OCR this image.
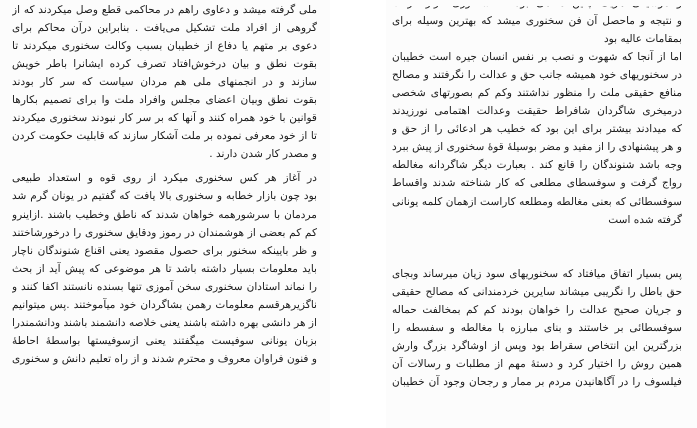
و نتیجه و ماحصل آن فن سخنوری میشد که بهترین وسیله برای
بمقامات عالیه بود
اما از آنجا که شهوت و نصب بر نفس انسان جیره است خطیبان
در سخنوریهای خود همیشه جانب حق و عدالت را نگرفتند و مصالح
منافع حقیقی ملت را منظور نداشتند وکم کم بصورتهای شخصی
درمیخری شاگردان شافراط حقیقت وعدالت اهتمامی نورزیدند
که میدادند بیشتر برای این بود که خطیب هر ادعائی را از حق و
و هر پیشنهادی را از مفید و مضر بوسیلهٔ قوهٔ سخنوری از پیش ببرد
وجه باشد شنوندگان را قانع کند . بعبارت دیگر شاگردانه مغالطه
رواج گرفت و سوفسطای مطلعی که کار شناخته شدند واقساط
سوفسطائی که بعنی مغالطه ومطلعه کاراست ازهمان کلمه یونانی
گرفته شده است
پس بسیار اتفاق میافتاد که سخنوریهای سود زیان میرساند وبجای
حق باطل را نگریبی میشاند سایرین خردمندانی که مصالح حقیقی
و جریان صحیح عدالت را خواهان بودند کم کم بمخالفت حماله
سوفسطائی بر خاستند و بنای مبارزه با مغالطه و سفسطه را
بزرگترین این انتخاص سقراط بود وپس از اوشاگرد بزرگ وارش
همین روش را اختیار کرد و دستهٔ مهم از مطلبات و رسالات آن
فیلسوف را در آگاهانیدن مردم بر ممار و رجحان وجود آن خطیبان
ملی گرفته میشد و دعاوی راهم در محاکمی قطع وصل میکردند که از
گروهی از افراد ملت تشکیل می‌یافت . بنابراین درآن محاکم برای
دعوی بر متهم یا دفاع از خطیبان بسبب وکالت سخنوری میکردند تا
بقوت نطق و بیان درخوش‌افتاد تصرف کرده ایشانرا باطر خویش
سازند و در انجمنهای ملی هم مردان سیاست که سر کار بودند
بقوت نطق وبیان اعضای مجلس وافراد ملت وا برای تصمیم بکارها
قوانین با خود همراه کنند و آنها که بر سر کار نبودند سخنوری میکردند
تا از خود معرفی نموده بر ملت آشکار سازند که قابلیت حکومت کردن
و مصدر کار شدن دارند .
در آغاز هر کس سخنوری میکرد از روی قوه و استعداد طبیعی
بود چون بازار خطابه و سخنوری بالا یافت که گفتیم در یونان گرم شد
مردمان با سرشورهمه خواهان شدند که ناطق وخطیب باشند .ازاینرو
کم کم بعضی از هوشمندان در رموز ودقایق سخنوری را درخورشاختند
و ظر بایینکه سخنور برای حصول مقصود یعنی اقناع شنوندگان ناچار
باید معلومات بسیار داشته باشد تا هر موضوعی که پیش آید از بحث
را نماند استادان سخنوری سخن آموزی تنها بسنده نانستند اکفا کنند و
ناگزیرهرقسم معلومات رهمن بشاگردان خود میآموختند .پس میتوانیم
از هر دانشی بهره داشته باشند یعنی خلاصه دانشمند باشند ودانشمندرا
بزبان یونانی سوفیست میگفتند یعنی ازسوفیستها بواسطهٔ احاطهٔ
و فنون فراوان معروف و محترم شدند و از راه تعلیم دانش و سخنوری
